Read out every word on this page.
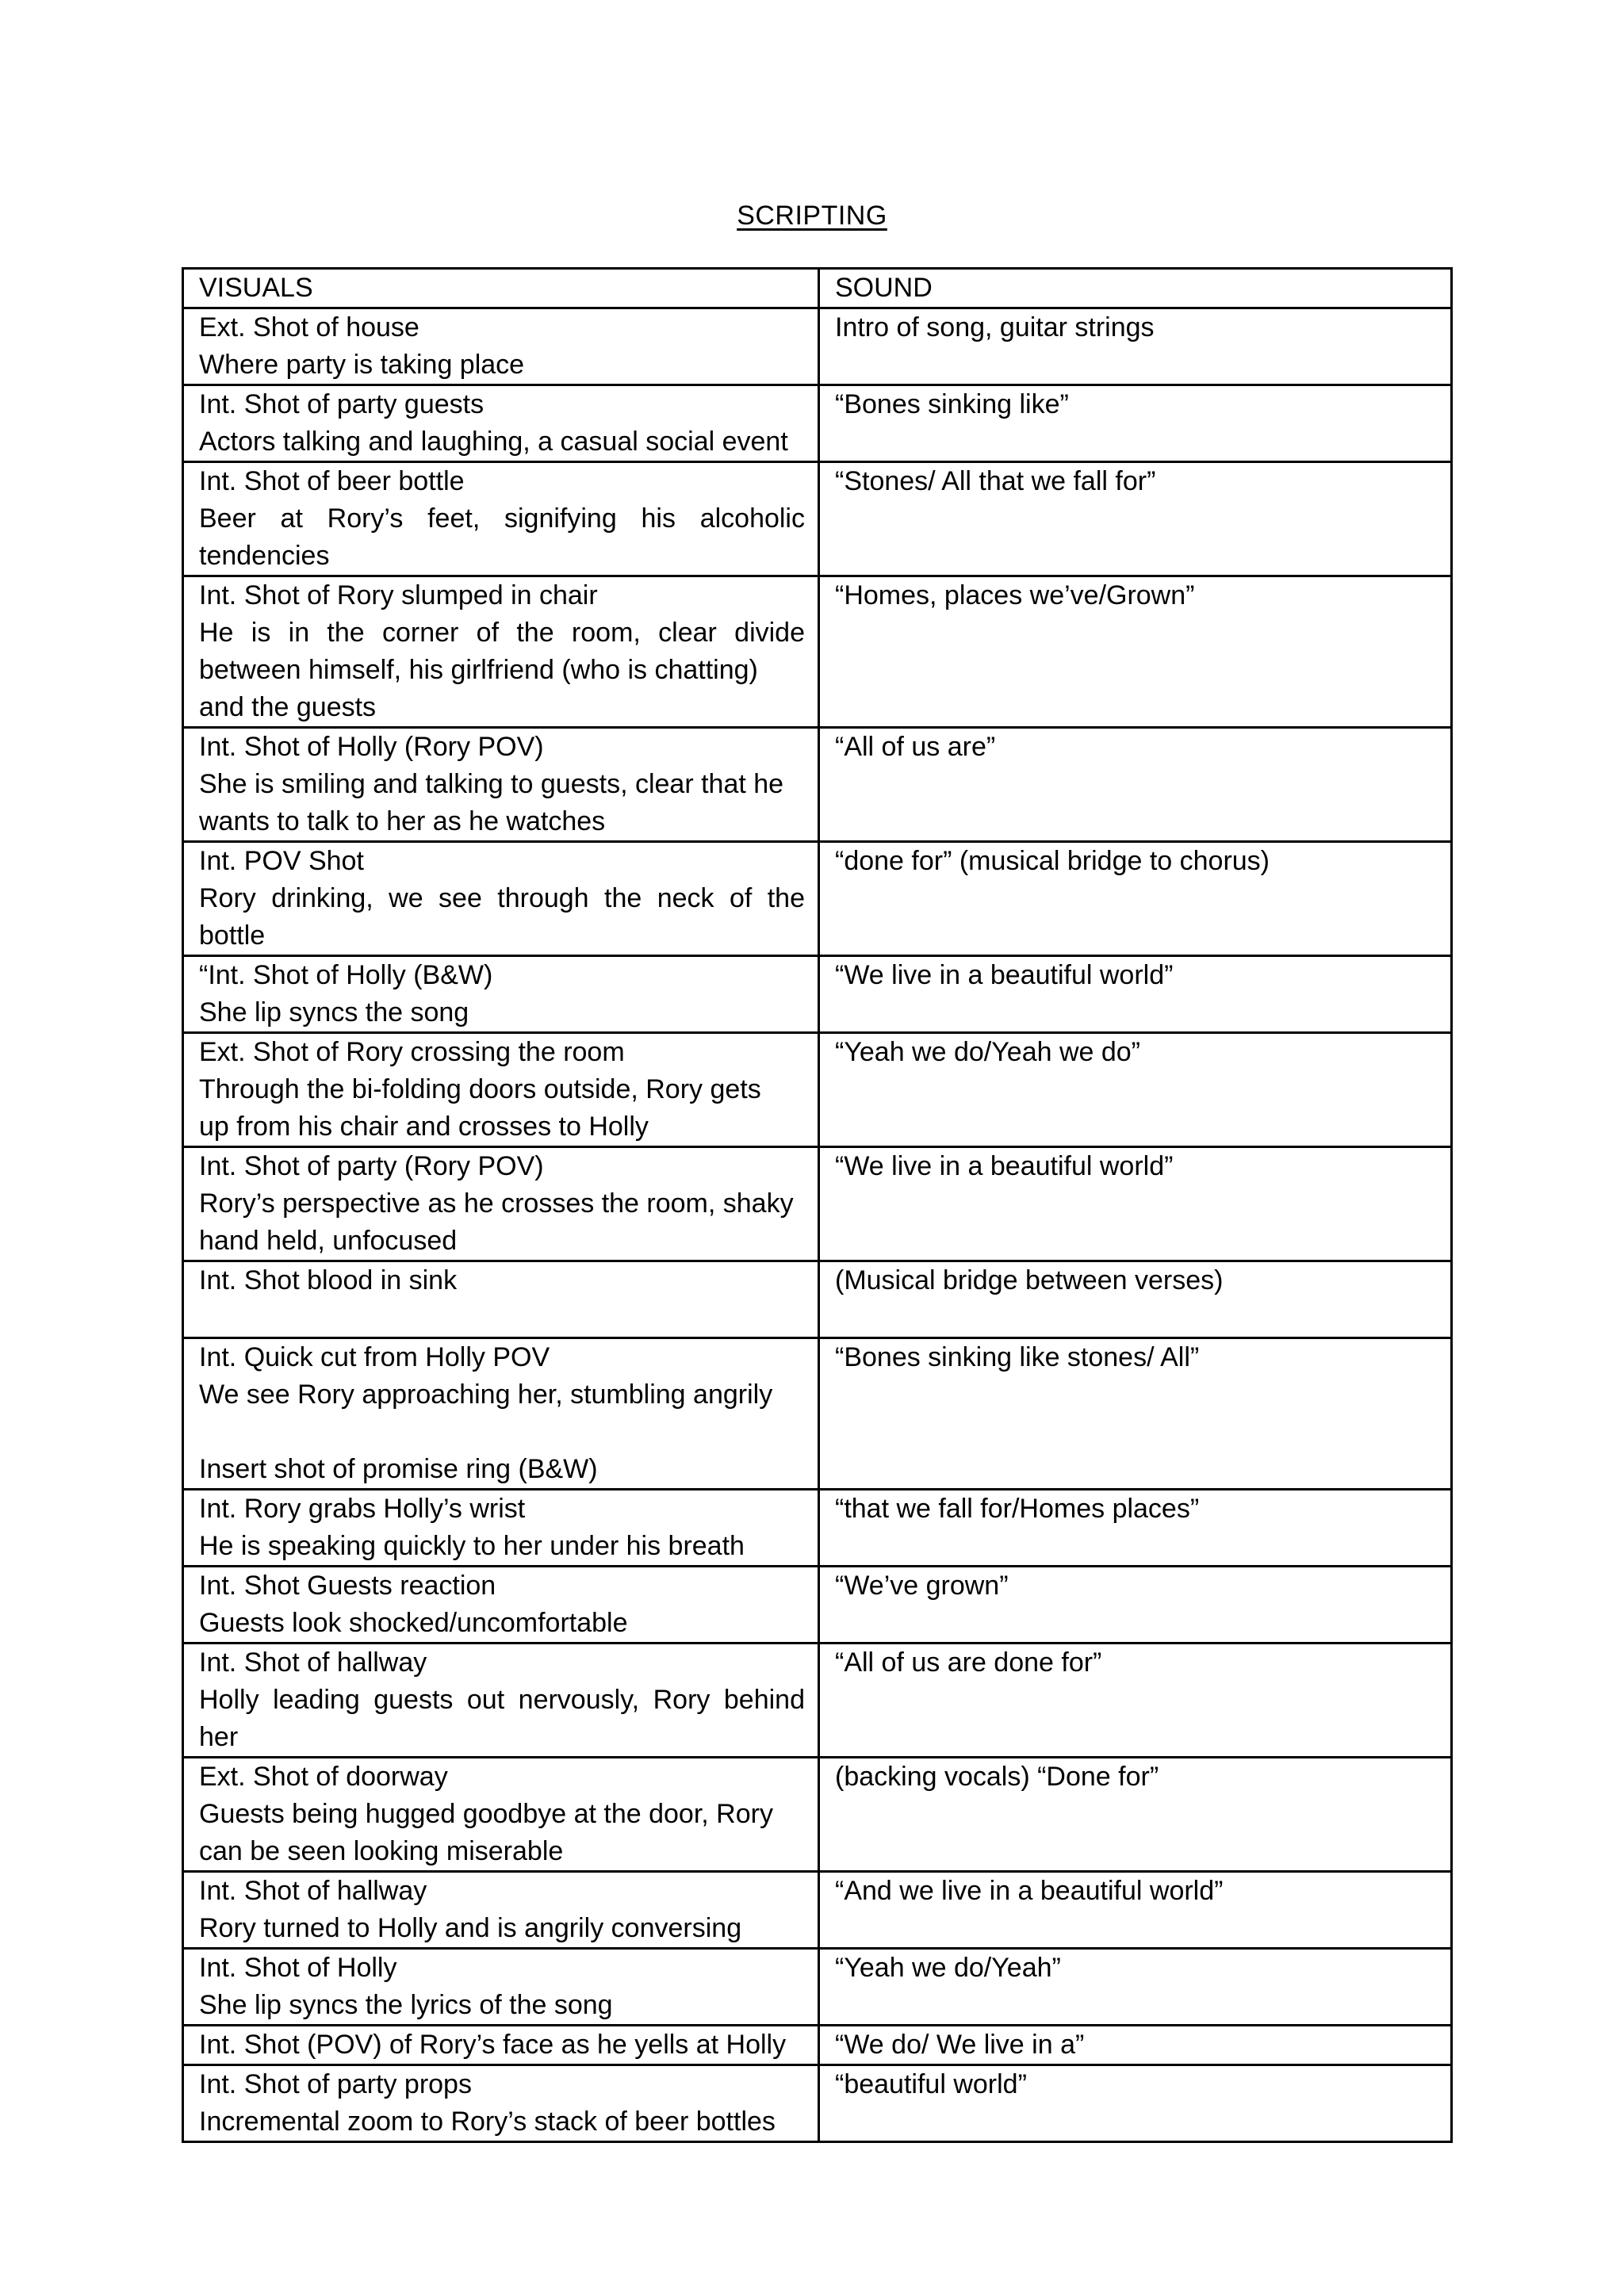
SCRIPTING
VISUALS	SOUND

Ext. Shot of house
Where party is taking place	Intro of song, guitar strings

Int. Shot of party guests
Actors talking and laughing, a casual social event	“Bones sinking like”

Int. Shot of beer bottle
Beer at Rory’s feet, signifying his alcoholic
tendencies	“Stones/ All that we fall for”

Int. Shot of Rory slumped in chair
He is in the corner of the room, clear divide
between himself, his girlfriend (who is chatting)
and the guests	“Homes, places we’ve/Grown”

Int. Shot of Holly (Rory POV)
She is smiling and talking to guests, clear that he
wants to talk to her as he watches	“All of us are”

Int. POV Shot
Rory drinking, we see through the neck of the
bottle	“done for” (musical bridge to chorus)

“Int. Shot of Holly (B&W)
She lip syncs the song	“We live in a beautiful world”

Ext. Shot of Rory crossing the room
Through the bi-folding doors outside, Rory gets
up from his chair and crosses to Holly	“Yeah we do/Yeah we do”

Int. Shot of party (Rory POV)
Rory’s perspective as he crosses the room, shaky
hand held, unfocused	“We live in a beautiful world”

Int. Shot blood in sink	(Musical bridge between verses)

Int. Quick cut from Holly POV
We see Rory approaching her, stumbling angrily
Insert shot of promise ring (B&W)	“Bones sinking like stones/ All”

Int. Rory grabs Holly’s wrist
He is speaking quickly to her under his breath	“that we fall for/Homes places”

Int. Shot Guests reaction
Guests look shocked/uncomfortable	“We’ve grown”

Int. Shot of hallway
Holly leading guests out nervously, Rory behind
her	“All of us are done for”

Ext. Shot of doorway
Guests being hugged goodbye at the door, Rory
can be seen looking miserable	(backing vocals) “Done for”

Int. Shot of hallway
Rory turned to Holly and is angrily conversing	“And we live in a beautiful world”

Int. Shot of Holly
She lip syncs the lyrics of the song	“Yeah we do/Yeah”

Int. Shot (POV) of Rory’s face as he yells at Holly	“We do/ We live in a”

Int. Shot of party props
Incremental zoom to Rory’s stack of beer bottles	“beautiful world”
